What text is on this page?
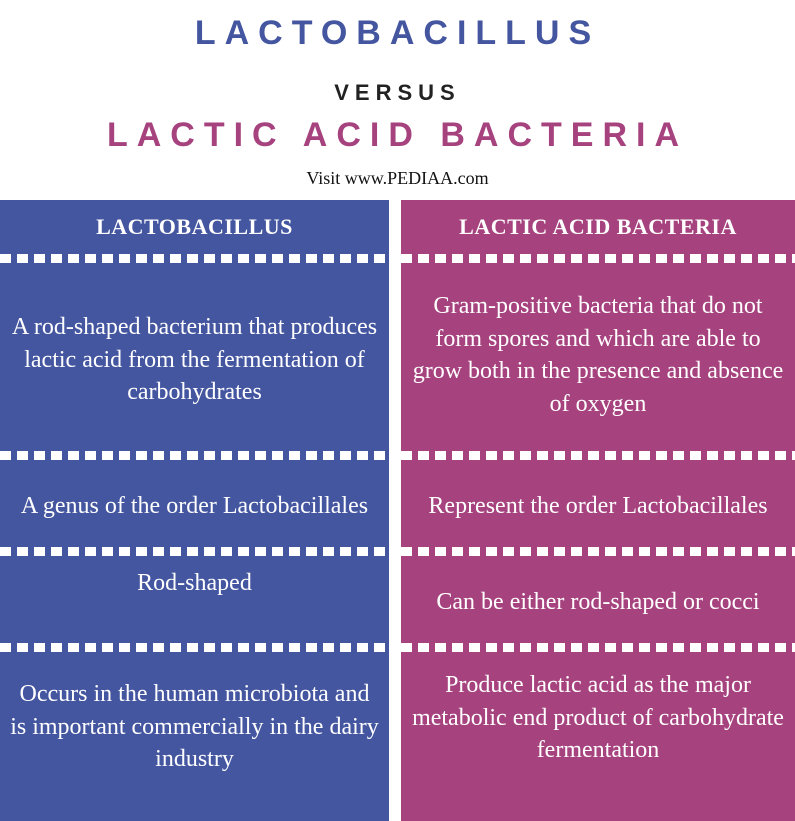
LACTOBACILLUS
VERSUS
LACTIC ACID BACTERIA
Visit www.PEDIAA.com
LACTOBACILLUS
A rod-shaped bacterium that produces lactic acid from the fermentation of carbohydrates
A genus of the order Lactobacillales
Rod-shaped
Occurs in the human microbiota and is important commercially in the dairy industry
LACTIC ACID BACTERIA
Gram-positive bacteria that do not form spores and which are able to grow both in the presence and absence of oxygen
Represent the order Lactobacillales
Can be either rod-shaped or cocci
Produce lactic acid as the major metabolic end product of carbohydrate fermentation
